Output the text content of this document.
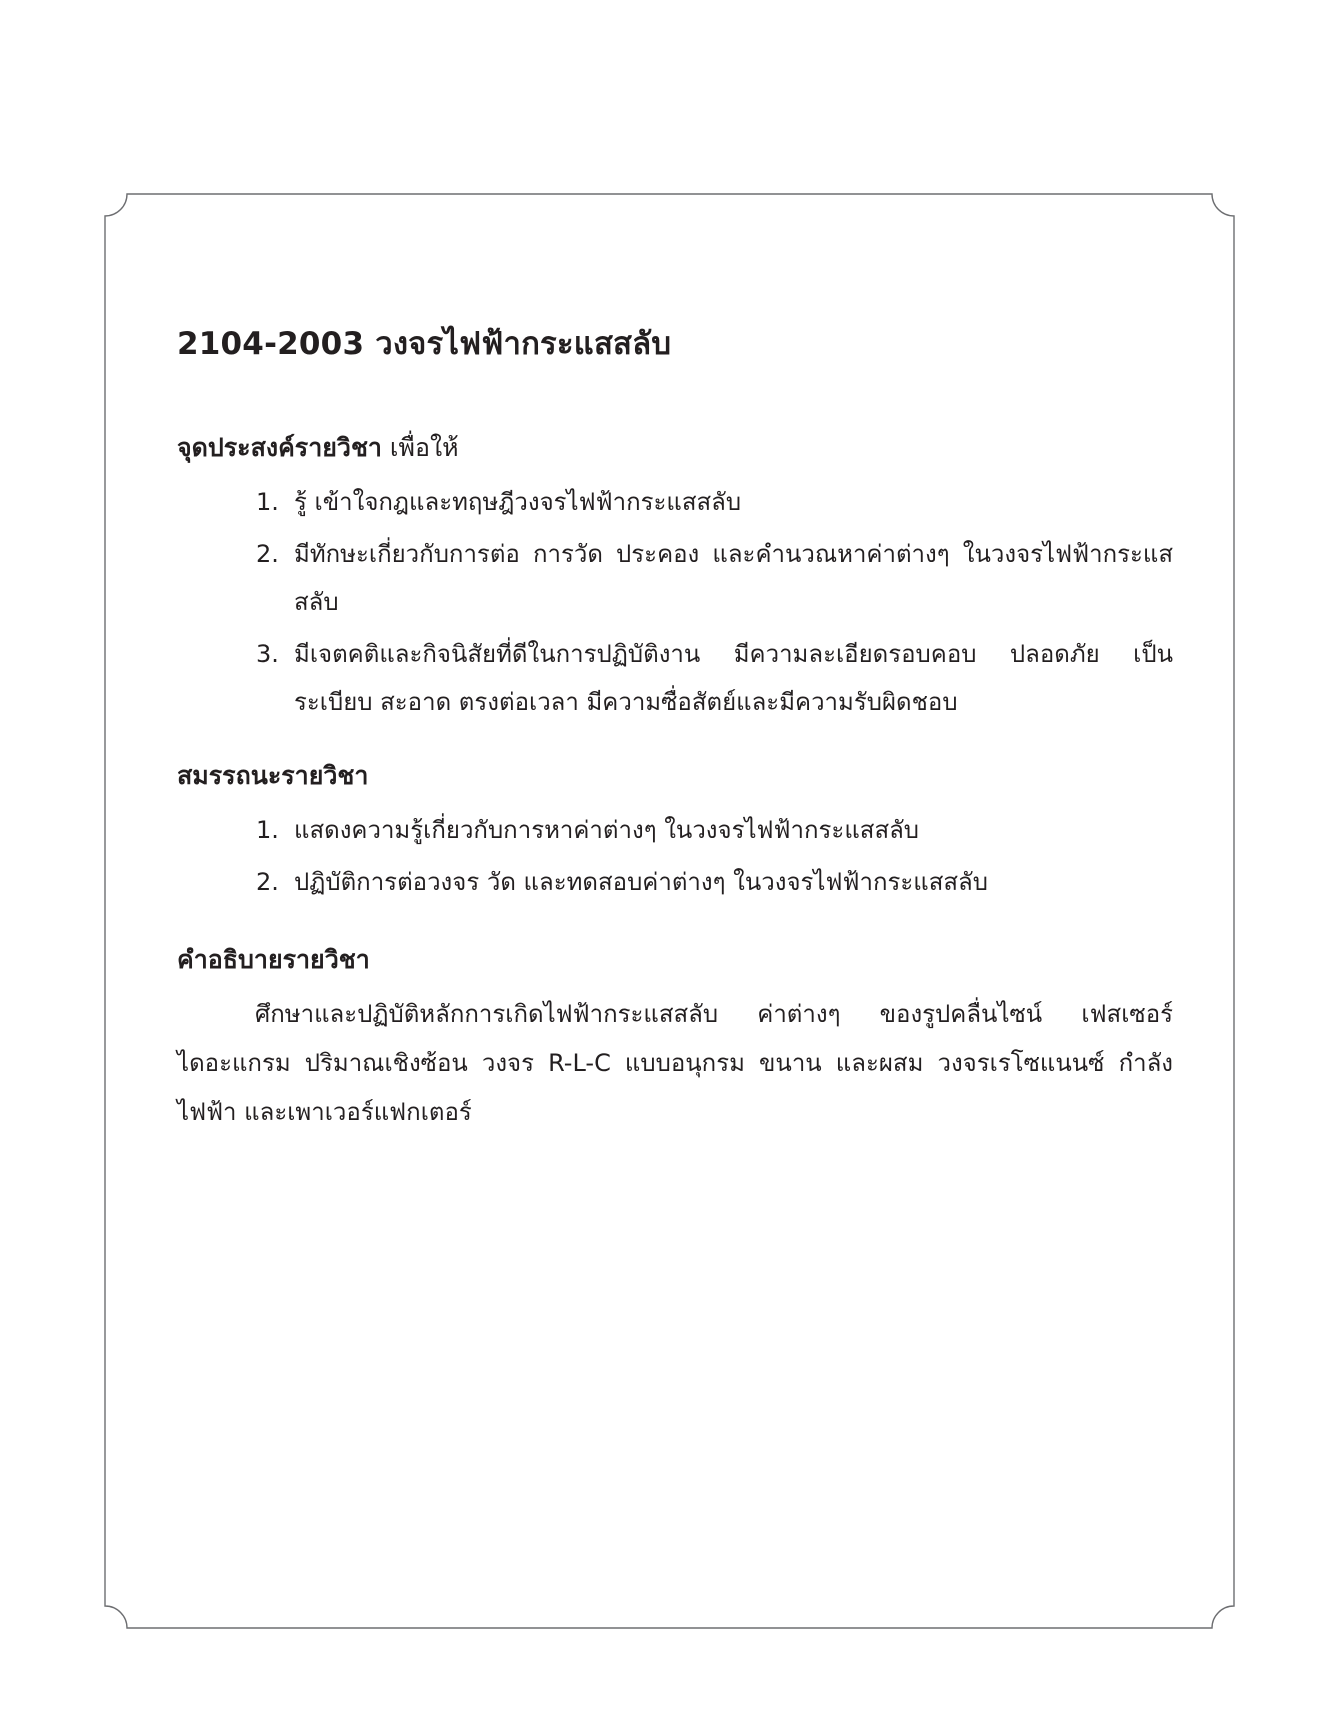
2104-2003 วงจรไฟฟ้ากระแสสลับ

จุดประสงค์รายวิชา เพื่อให้

1. รู้ เข้าใจกฎและทฤษฎีวงจรไฟฟ้ากระแสสลับ
2. มีทักษะเกี่ยวกับการต่อ การวัด ประคอง และคำนวณหาค่าต่างๆ ในวงจรไฟฟ้ากระแสสลับ
3. มีเจตคติและกิจนิสัยที่ดีในการปฏิบัติงาน มีความละเอียดรอบคอบ ปลอดภัย เป็นระเบียบ สะอาด ตรงต่อเวลา มีความซื่อสัตย์และมีความรับผิดชอบ

สมรรถนะรายวิชา

1. แสดงความรู้เกี่ยวกับการหาค่าต่างๆ ในวงจรไฟฟ้ากระแสสลับ
2. ปฏิบัติการต่อวงจร วัด และทดสอบค่าต่างๆ ในวงจรไฟฟ้ากระแสสลับ

คำอธิบายรายวิชา

ศึกษาและปฏิบัติหลักการเกิดไฟฟ้ากระแสสลับ ค่าต่างๆ ของรูปคลื่นไซน์ เฟสเซอร์ไดอะแกรม ปริมาณเชิงซ้อน วงจร R-L-C แบบอนุกรม ขนาน และผสม วงจรเรโซแนนซ์ กำลังไฟฟ้า และเพาเวอร์แฟกเตอร์
